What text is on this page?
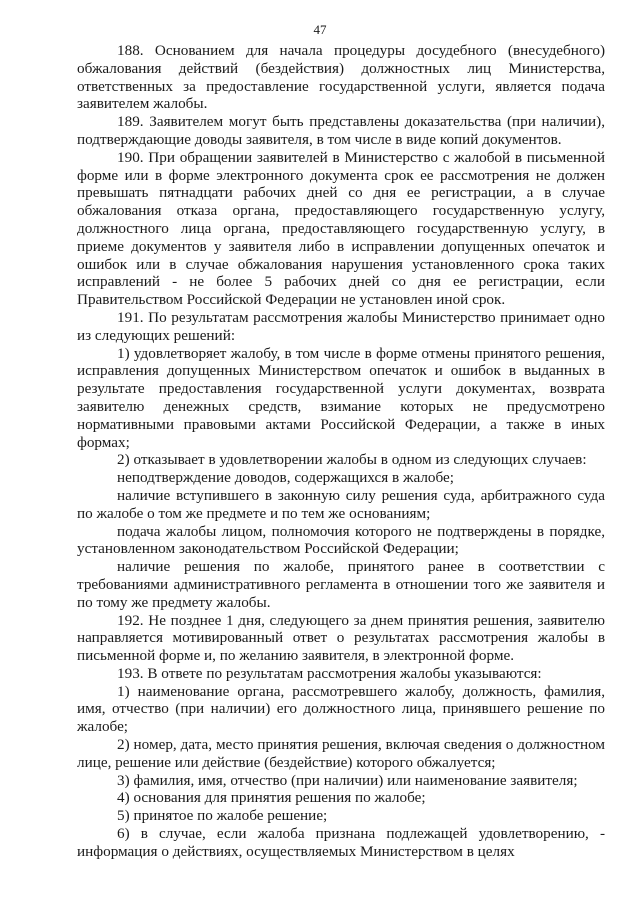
47

188. Основанием для начала процедуры досудебного (внесудебного) обжалования действий (бездействия) должностных лиц Министерства, ответственных за предоставление государственной услуги, является подача заявителем жалобы.

189. Заявителем могут быть представлены доказательства (при наличии), подтверждающие доводы заявителя, в том числе в виде копий документов.

190. При обращении заявителей в Министерство с жалобой в письменной форме или в форме электронного документа срок ее рассмотрения не должен превышать пятнадцати рабочих дней со дня ее регистрации, а в случае обжалования отказа органа, предоставляющего государственную услугу, должностного лица органа, предоставляющего государственную услугу, в приеме документов у заявителя либо в исправлении допущенных опечаток и ошибок или в случае обжалования нарушения установленного срока таких исправлений - не более 5 рабочих дней со дня ее регистрации, если Правительством Российской Федерации не установлен иной срок.

191. По результатам рассмотрения жалобы Министерство принимает одно из следующих решений:

1) удовлетворяет жалобу, в том числе в форме отмены принятого решения, исправления допущенных Министерством опечаток и ошибок в выданных в результате предоставления государственной услуги документах, возврата заявителю денежных средств, взимание которых не предусмотрено нормативными правовыми актами Российской Федерации, а также в иных формах;

2) отказывает в удовлетворении жалобы в одном из следующих случаев:

неподтверждение доводов, содержащихся в жалобе;

наличие вступившего в законную силу решения суда, арбитражного суда по жалобе о том же предмете и по тем же основаниям;

подача жалобы лицом, полномочия которого не подтверждены в порядке, установленном законодательством Российской Федерации;

наличие решения по жалобе, принятого ранее в соответствии с требованиями административного регламента в отношении того же заявителя и по тому же предмету жалобы.

192. Не позднее 1 дня, следующего за днем принятия решения, заявителю направляется мотивированный ответ о результатах рассмотрения жалобы в письменной форме и, по желанию заявителя, в электронной форме.

193. В ответе по результатам рассмотрения жалобы указываются:

1) наименование органа, рассмотревшего жалобу, должность, фамилия, имя, отчество (при наличии) его должностного лица, принявшего решение по жалобе;

2) номер, дата, место принятия решения, включая сведения о должностном лице, решение или действие (бездействие) которого обжалуется;

3) фамилия, имя, отчество (при наличии) или наименование заявителя;

4) основания для принятия решения по жалобе;

5) принятое по жалобе решение;

6) в случае, если жалоба признана подлежащей удовлетворению, - информация о действиях, осуществляемых Министерством в целях
